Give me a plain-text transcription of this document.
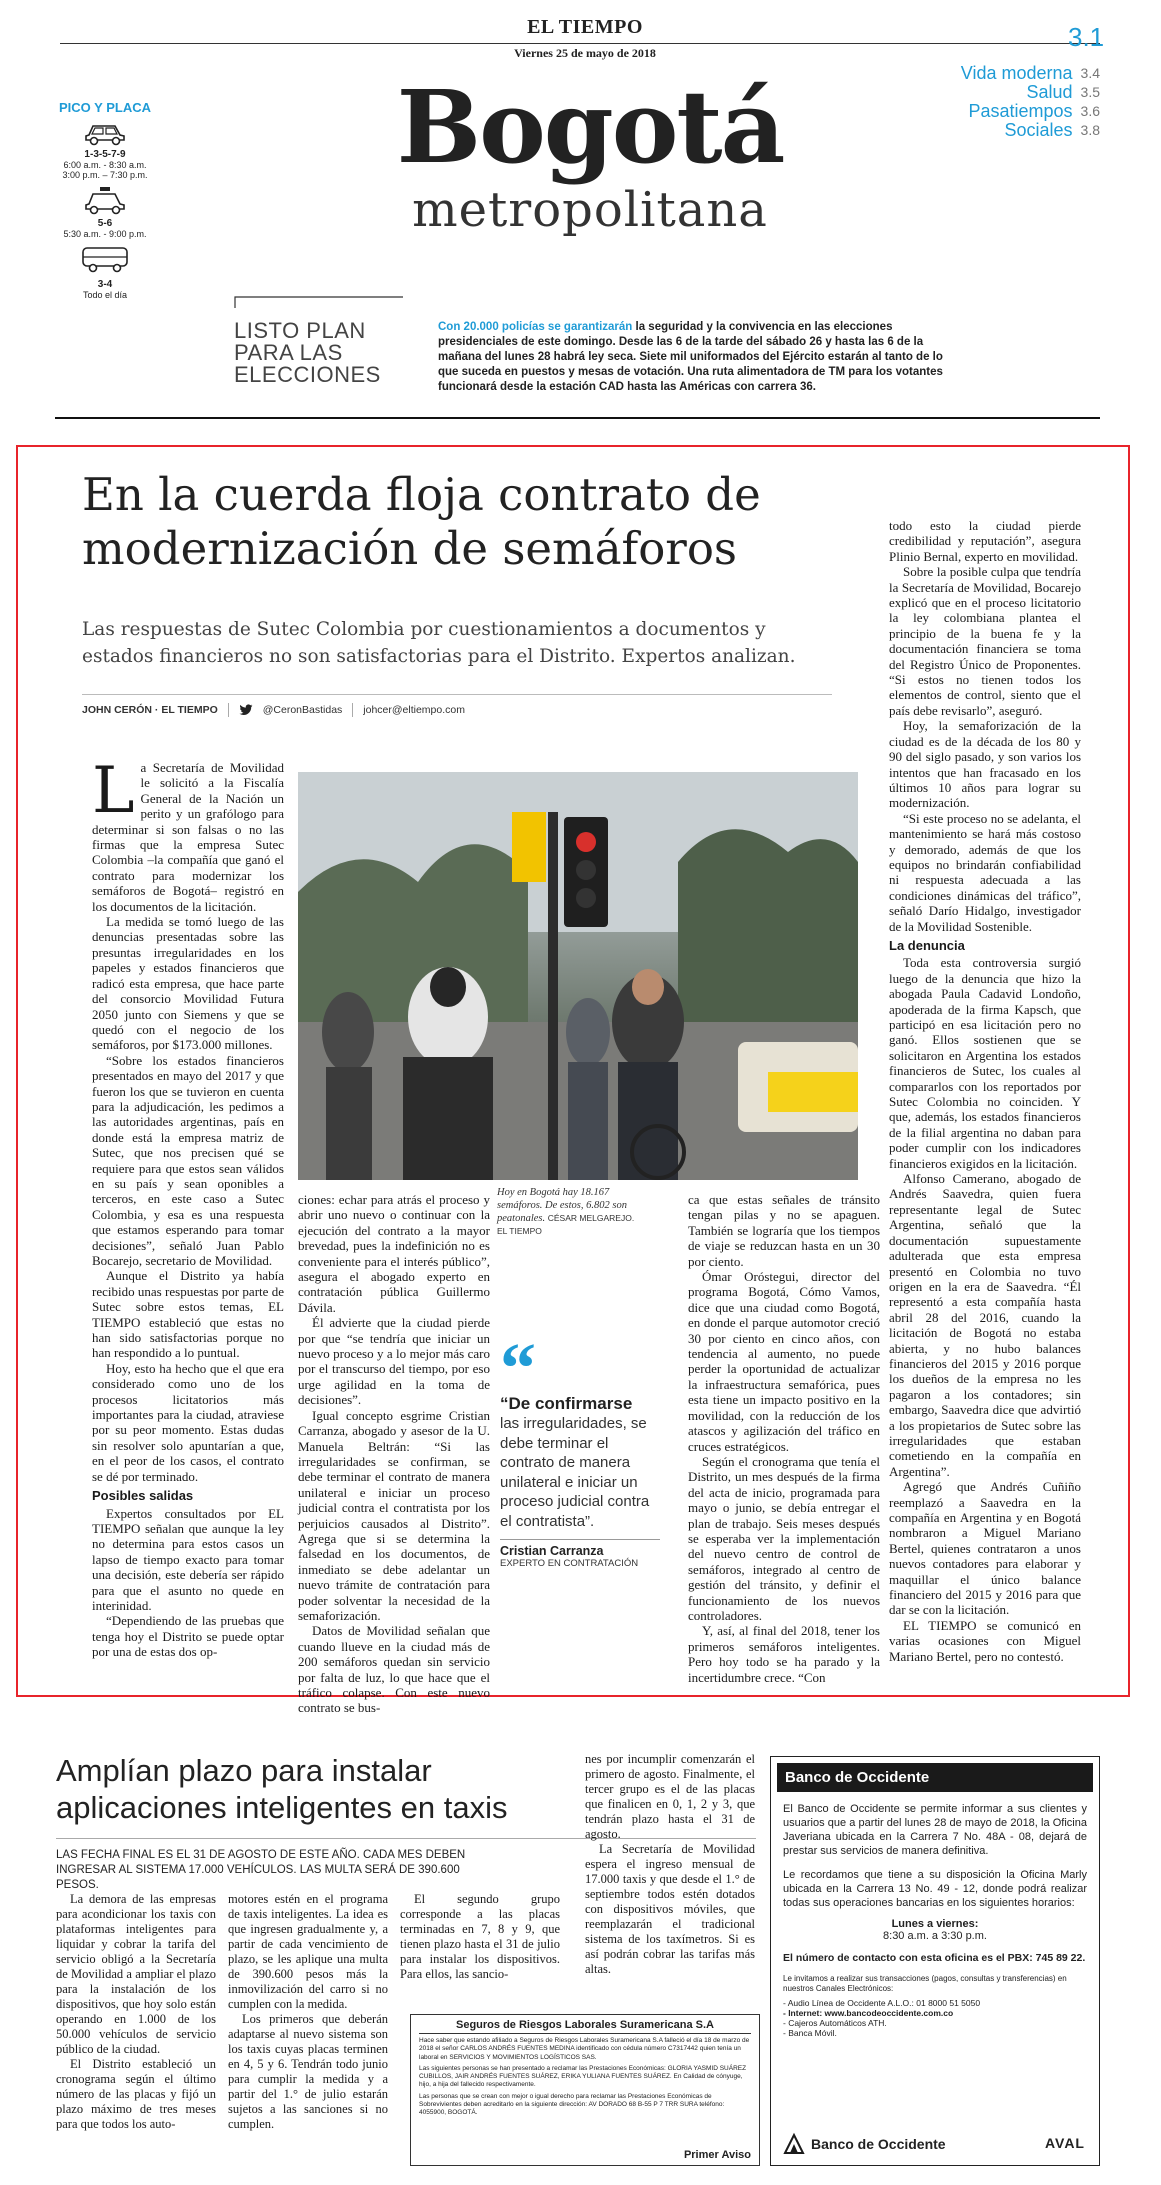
EL TIEMPO
Viernes 25 de mayo de 2018
3.1
Bogotá
metropolitana
Vida moderna 3.4
Salud 3.5
Pasatiempos 3.6
Sociales 3.8
PICO Y PLACA
1-3-5-7-9
6:00 a.m. - 8:30 a.m.
3:00 p.m. – 7:30 p.m.
5-6
5:30 a.m. - 9:00 p.m.
3-4
Todo el día
LISTO PLAN
PARA LAS
ELECCIONES
Con 20.000 policías se garantizarán la seguridad y la convivencia en las elecciones presidenciales de este domingo. Desde las 6 de la tarde del sábado 26 y hasta las 6 de la mañana del lunes 28 habrá ley seca. Siete mil uniformados del Ejército estarán al tanto de lo que suceda en puestos y mesas de votación. Una ruta alimentadora de TM para los votantes funcionará desde la estación CAD hasta las Américas con carrera 36.
En la cuerda floja contrato de modernización de semáforos
Las respuestas de Sutec Colombia por cuestionamientos a documentos y estados financieros no son satisfactorias para el Distrito. Expertos analizan.
JOHN CERÓN · EL TIEMPO	@CeronBastidas johcer@eltiempo.com

La Secretaría de Movilidad le solicitó a la Fiscalía General de la Nación un perito y un grafólogo para determinar si son falsas o no las firmas que la empresa Sutec Colombia –la compañía que ganó el contrato para modernizar los semáforos de Bogotá– registró en los documentos de la licitación.

La medida se tomó luego de las denuncias presentadas sobre las presuntas irregularidades en los papeles y estados financieros que radicó esta empresa, que hace parte del consorcio Movilidad Futura 2050 junto con Siemens y que se quedó con el negocio de los semáforos, por $173.000 millones.

“Sobre los estados financieros presentados en mayo del 2017 y que fueron los que se tuvieron en cuenta para la adjudicación, les pedimos a las autoridades argentinas, país en donde está la empresa matriz de Sutec, que nos precisen qué se requiere para que estos sean válidos en su país y sean oponibles a terceros, en este caso a Sutec Colombia, y esa es una respuesta que estamos esperando para tomar decisiones”, señaló Juan Pablo Bocarejo, secretario de Movilidad.

Aunque el Distrito ya había recibido unas respuestas por parte de Sutec sobre estos temas, EL TIEMPO estableció que estas no han sido satisfactorias porque no han respondido a lo puntual.

Hoy, esto ha hecho que el que era considerado como uno de los procesos licitatorios más importantes para la ciudad, atraviese por su peor momento. Estas dudas sin resolver solo apuntarían a que, en el peor de los casos, el contrato se dé por terminado.

Posibles salidas

Expertos consultados por EL TIEMPO señalan que aunque la ley no determina para estos casos un lapso de tiempo exacto para tomar una decisión, este debería ser rápido para que el asunto no quede en interinidad.

“Dependiendo de las pruebas que tenga hoy el Distrito se puede optar por una de estas dos op-

Hoy en Bogotá hay 18.167 semáforos. De estos, 6.802 son peatonales. CÉSAR MELGAREJO. EL TIEMPO

ciones: echar para atrás el proceso y abrir uno nuevo o continuar con la ejecución del contrato a la mayor brevedad, pues la indefinición no es conveniente para el interés público”, asegura el abogado experto en contratación pública Guillermo Dávila.

Él advierte que la ciudad pierde por que “se tendría que iniciar un nuevo proceso y a lo mejor más caro por el transcurso del tiempo, por eso urge agilidad en la toma de decisiones”.

Igual concepto esgrime Cristian Carranza, abogado y asesor de la U. Manuela Beltrán: “Si las irregularidades se confirman, se debe terminar el contrato de manera unilateral e iniciar un proceso judicial contra el contratista por los perjuicios causados al Distrito”. Agrega que si se determina la falsedad en los documentos, de inmediato se debe adelantar un nuevo trámite de contratación para poder solventar la necesidad de la semaforización.

Datos de Movilidad señalan que cuando llueve en la ciudad más de 200 semáforos quedan sin servicio por falta de luz, lo que hace que el tráfico colapse. Con este nuevo contrato se bus-

“
“De confirmarse
las irregularidades, se debe terminar el contrato de manera unilateral e iniciar un proceso judicial contra el contratista”.
Cristian Carranza
EXPERTO EN CONTRATACIÓN

ca que estas señales de tránsito tengan pilas y no se apaguen. También se lograría que los tiempos de viaje se reduzcan hasta en un 30 por ciento.

Ómar Oróstegui, director del programa Bogotá, Cómo Vamos, dice que una ciudad como Bogotá, en donde el parque automotor creció 30 por ciento en cinco años, con tendencia al aumento, no puede perder la oportunidad de actualizar la infraestructura semafórica, pues esta tiene un impacto positivo en la movilidad, con la reducción de los atascos y agilización del tráfico en cruces estratégicos.

Según el cronograma que tenía el Distrito, un mes después de la firma del acta de inicio, programada para mayo o junio, se debía entregar el plan de trabajo. Seis meses después se esperaba ver la implementación del nuevo centro de control de semáforos, integrado al centro de gestión del tránsito, y definir el funcionamiento de los nuevos controladores.

Y, así, al final del 2018, tener los primeros semáforos inteligentes. Pero hoy todo se ha parado y la incertidumbre crece. “Con

todo esto la ciudad pierde credibilidad y reputación”, asegura Plinio Bernal, experto en movilidad.

Sobre la posible culpa que tendría la Secretaría de Movilidad, Bocarejo explicó que en el proceso licitatorio la ley colombiana plantea el principio de la buena fe y la documentación financiera se toma del Registro Único de Proponentes. “Si estos no tienen todos los elementos de control, siento que el país debe revisarlo”, aseguró.

Hoy, la semaforización de la ciudad es de la década de los 80 y 90 del siglo pasado, y son varios los intentos que han fracasado en los últimos 10 años para lograr su modernización.

“Si este proceso no se adelanta, el mantenimiento se hará más costoso y demorado, además de que los equipos no brindarán confiabilidad ni respuesta adecuada a las condiciones dinámicas del tráfico”, señaló Darío Hidalgo, investigador de la Movilidad Sostenible.

La denuncia

Toda esta controversia surgió luego de la denuncia que hizo la abogada Paula Cadavid Londoño, apoderada de la firma Kapsch, que participó en esa licitación pero no ganó. Ellos sostienen que se solicitaron en Argentina los estados financieros de Sutec, los cuales al compararlos con los reportados por Sutec Colombia no coinciden. Y que, además, los estados financieros de la filial argentina no daban para poder cumplir con los indicadores financieros exigidos en la licitación.

Alfonso Camerano, abogado de Andrés Saavedra, quien fuera representante legal de Sutec Argentina, señaló que la documentación supuestamente adulterada que esta empresa presentó en Colombia no tuvo origen en la era de Saavedra. “Él representó a esta compañía hasta abril 28 del 2016, cuando la licitación de Bogotá no estaba abierta, y no hubo balances financieros del 2015 y 2016 porque los dueños de la empresa no les pagaron a los contadores; sin embargo, Saavedra dice que advirtió a los propietarios de Sutec sobre las irregularidades que estaban cometiendo en la compañía en Argentina”.

Agregó que Andrés Cuñiño reemplazó a Saavedra en la compañía en Argentina y en Bogotá nombraron a Miguel Mariano Bertel, quienes contrataron a unos nuevos contadores para elaborar y maquillar el único balance financiero del 2015 y 2016 para que dar se con la licitación.

EL TIEMPO se comunicó en varias ocasiones con Miguel Mariano Bertel, pero no contestó.

Amplían plazo para instalar aplicaciones inteligentes en taxis
LAS FECHA FINAL ES EL 31 DE AGOSTO DE ESTE AÑO. CADA MES DEBEN INGRESAR AL SISTEMA 17.000 VEHÍCULOS. LAS MULTA SERÁ DE 390.600 PESOS.

La demora de las empresas para acondicionar los taxis con plataformas inteligentes para liquidar y cobrar la tarifa del servicio obligó a la Secretaría de Movilidad a ampliar el plazo para la instalación de los dispositivos, que hoy solo están operando en 1.000 de los 50.000 vehículos de servicio público de la ciudad.

El Distrito estableció un cronograma según el último número de las placas y fijó un plazo máximo de tres meses para que todos los auto-

motores estén en el programa de taxis inteligentes. La idea es que ingresen gradualmente y, a partir de cada vencimiento de plazo, se les aplique una multa de 390.600 pesos más la inmovilización del carro si no cumplen con la medida.

Los primeros que deberán adaptarse al nuevo sistema son los taxis cuyas placas terminen en 4, 5 y 6. Tendrán todo junio para cumplir la medida y a partir del 1.° de julio estarán sujetos a las sanciones si no cumplen.

El segundo grupo corresponde a las placas terminadas en 7, 8 y 9, que tienen plazo hasta el 31 de julio para instalar los dispositivos. Para ellos, las sancio-

nes por incumplir comenzarán el primero de agosto. Finalmente, el tercer grupo es el de las placas que finalicen en 0, 1, 2 y 3, que tendrán plazo hasta el 31 de agosto.

La Secretaría de Movilidad espera el ingreso mensual de 17.000 taxis y que desde el 1.° de septiembre todos estén dotados con dispositivos móviles, que reemplazarán el tradicional sistema de los taxímetros. Si es así podrán cobrar las tarifas más altas.

Seguros de Riesgos Laborales Suramericana S.A
Hace saber que estando afiliado a Seguros de Riesgos Laborales Suramericana S.A falleció el día 18 de marzo de 2018 el señor CARLOS ANDRÉS FUENTES MEDINA identificado con cédula número C7317442 quien tenía un laboral en SERVICIOS Y MOVIMIENTOS LOGÍSTICOS SAS.
Las siguientes personas se han presentado a reclamar las Prestaciones Económicas: GLORIA YASMID SUÁREZ CUBILLOS, JAIR ANDRÉS FUENTES SUÁREZ, ERIKA YULIANA FUENTES SUÁREZ. En Calidad de cónyuge, hijo, a hija del fallecido respectivamente.
Las personas que se crean con mejor o igual derecho para reclamar las Prestaciones Económicas de Sobrevivientes deben acreditarlo en la siguiente dirección: AV DORADO 68 B-55 P 7 TRR SURA teléfono: 4055900, BOGOTÁ.
Primer Aviso
Banco de Occidente
El Banco de Occidente se permite informar a sus clientes y usuarios que a partir del lunes 28 de mayo de 2018, la Oficina Javeriana ubicada en la Carrera 7 No. 48A - 08, dejará de prestar sus servicios de manera definitiva.
Le recordamos que tiene a su disposición la Oficina Marly ubicada en la Carrera 13 No. 49 - 12, donde podrá realizar todas sus operaciones bancarias en los siguientes horarios:
Lunes a viernes:
8:30 a.m. a 3:30 p.m.
El número de contacto con esta oficina es el PBX: 745 89 22.
Le invitamos a realizar sus transacciones (pagos, consultas y transferencias) en nuestros Canales Electrónicos:
- Audio Línea de Occidente A.L.O.: 01 8000 51 5050
- Internet: www.bancodeoccidente.com.co
- Cajeros Automáticos ATH.
- Banca Móvil.
Banco de Occidente	AVAL
